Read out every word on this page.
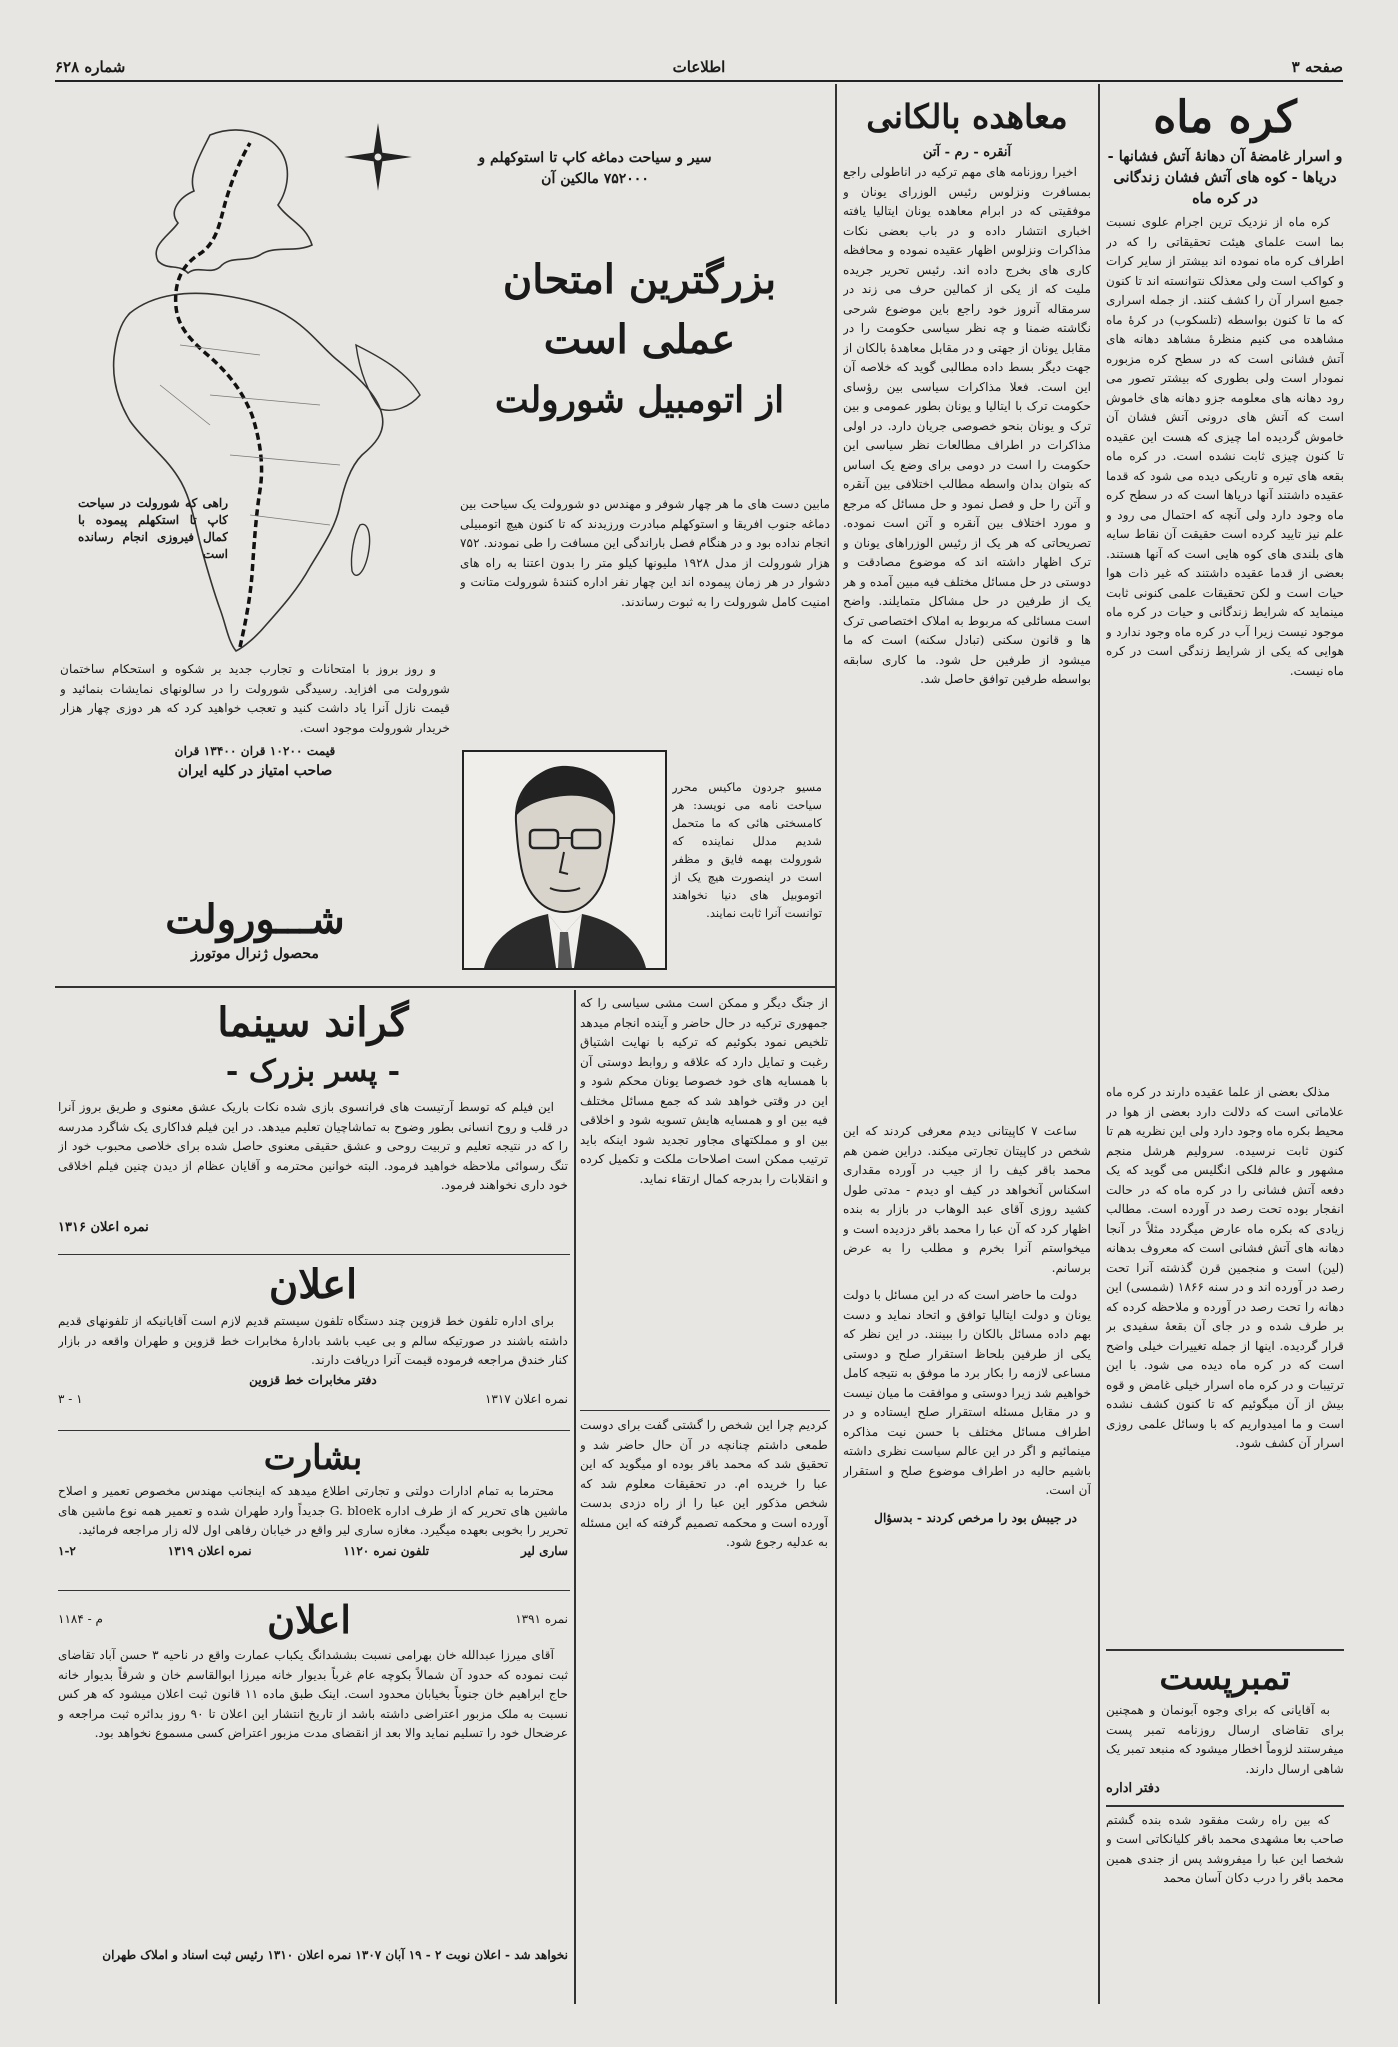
صفحه ۳
اطلاعات
شماره ۶۲۸
کره ماه
و اسرار غامضهٔ آن دهانهٔ آتش فشانها - دریاها - کوه های آتش فشان زندگانی در کره ماه
کره ماه از نزدیک ترین اجرام علوی نسبت بما است علمای هیئت تحقیقاتی را که در اطراف کره ماه نموده اند بیشتر از سایر کرات و کواکب است ولی معذلک نتوانسته اند تا کنون جمیع اسرار آن را کشف کنند. از جمله اسراری که ما تا کنون بواسطه (تلسکوب) در کرهٔ ماه مشاهده می کنیم منظرهٔ مشاهد دهانه های آتش فشانی است که در سطح کره مزبوره نمودار است ولی بطوری که بیشتر تصور می رود دهانه های معلومه جزو دهانه های خاموش است که آتش های درونی آتش فشان آن خاموش گردیده اما چیزی که هست این عقیده تا کنون چیزی ثابت نشده است. در کره ماه بقعه های تیره و تاریکی دیده می شود که قدما عقیده داشتند آنها دریاها است که در سطح کره ماه وجود دارد ولی آنچه که احتمال می رود و علم نیز تایید کرده است حقیقت آن نقاط سایه های بلندی های کوه هایی است که آنها هستند. بعضی از قدما عقیده داشتند که غیر ذات هوا حیات است و لکن تحقیقات علمی کنونی ثابت مینماید که شرایط زندگانی و حیات در کره ماه موجود نیست زیرا آب در کره ماه وجود ندارد و هوایی که یکی از شرایط زندگی است در کره ماه نیست.
مذلک بعضی از علما عقیده دارند در کره ماه علاماتی است که دلالت دارد بعضی از هوا در محیط بکره ماه وجود دارد ولی این نظریه هم تا کنون ثابت نرسیده. سرولیم هرشل منجم مشهور و عالم فلکی انگلیس می گوید که یک دفعه آتش فشانی را در کره ماه که در حالت انفجار بوده تحت رصد در آورده است. مطالب زیادی که بکره ماه عارض میگردد مثلاً در آنجا دهانه های آتش فشانی است که معروف بدهانه (لین) است و منجمین قرن گذشته آنرا تحت رصد در آورده اند و در سنه ۱۸۶۶ (شمسی) این دهانه را تحت رصد در آورده و ملاحظه کرده که بر طرف شده و در جای آن بقعهٔ سفیدی بر قرار گردیده. اینها از جمله تغییرات خیلی واضح است که در کره ماه دیده می شود. با این ترتیبات و در کره ماه اسرار خیلی غامض و قوه بیش از آن میگوئیم که تا کنون کشف نشده است و ما امیدواریم که با وسائل علمی روزی اسرار آن کشف شود.
تمبرپست
به آقایانی که برای وجوه آبونمان و همچنین برای تقاضای ارسال روزنامه تمبر پست میفرستند لزوماً اخطار میشود که منبعد تمبر یک شاهی ارسال دارند.
دفتر اداره
که بین راه رشت مفقود شده بنده گشتم صاحب بعا مشهدی محمد باقر کلیانکاتی است و شخصا این عبا را میفروشد پس از جندی همین محمد باقر را درب دکان آسان محمد
معاهده بالکانی
آنقره - رم - آتن
اخیرا روزنامه های مهم ترکیه در اناطولی راجع بمسافرت ونزلوس رئیس الوزرای یونان و موفقیتی که در ابرام معاهده یونان ایتالیا یافته اخباری انتشار داده و در باب بعضی نکات مذاکرات ونزلوس اظهار عقیده نموده و محافظه کاری های بخرج داده اند. رئیس تحریر جریده ملیت که از یکی از کمالین حرف می زند در سرمقاله آنروز خود راجع باین موضوع شرحی نگاشته ضمنا و چه نظر سیاسی حکومت را در مقابل یونان از جهتی و در مقابل معاهدهٔ بالکان از جهت دیگر بسط داده مطالبی گوید که خلاصه آن این است. فعلا مذاکرات سیاسی بین رؤسای حکومت ترک با ایتالیا و یونان بطور عمومی و بین ترک و یونان بنحو خصوصی جریان دارد. در اولی مذاکرات در اطراف مطالعات نظر سیاسی این حکومت را است در دومی برای وضع یک اساس که بتوان بدان واسطه مطالب اختلافی بین آنقره و آتن را حل و فصل نمود و حل مسائل که مرجع و مورد اختلاف بین آنقره و آتن است نموده. تصریحاتی که هر یک از رئیس الوزراهای یونان و ترک اظهار داشته اند که موضوع مصادقت و دوستی در حل مسائل مختلف فیه مبین آمده و هر یک از طرفین در حل مشاکل متمایلند. واضح است مسائلی که مربوط به املاک اختصاصی ترک ها و قانون سکنی (تبادل سکنه) است که ما میشود از طرفین حل شود. ما کاری سابقه بواسطه طرفین توافق حاصل شد.
ساعت ۷ کاپیتانی دیدم معرفی کردند که این شخص در کاپیتان تجارتی میکند. دراین ضمن هم محمد باقر کیف را از جیب در آورده مقداری اسکناس آنخواهد در کیف او دیدم - مدتی طول کشید روزی آقای عبد الوهاب در بازار به بنده اظهار کرد که آن عبا را محمد باقر دزدیده است و میخواستم آنرا بخرم و مطلب را به عرض برسانم.
دولت ما حاضر است که در این مسائل با دولت یونان و دولت ایتالیا توافق و اتحاد نماید و دست بهم داده مسائل بالکان را ببینند. در این نظر که یکی از طرفین بلحاظ استقرار صلح و دوستی مساعی لازمه را بکار برد ما موفق به نتیجه کامل خواهیم شد زیرا دوستی و موافقت ما میان نیست و در مقابل مسئله استقرار صلح ایستاده و در اطراف مسائل مختلف با حسن نیت مذاکره مینمائیم و اگر در این عالم سیاست نظری داشته باشیم حالیه در اطراف موضوع صلح و استقرار آن است.
در جیبش بود را مرخص کردند - بدسؤال
سیر و سیاحت دماغه کاپ تا استوکهلم و ۷۵۲۰۰۰ مالکین آن
بزرگترین امتحان
عملی است
از اتومبیل شورولت
راهی که شورولت در سیاحت کاپ تا استکهلم پیموده با کمال فیروزی انجام رسانده است
مابین دست های ما هر چهار شوفر و مهندس دو شورولت یک سیاحت بین دماغه جنوب افریقا و استوکهلم مبادرت ورزیدند که تا کنون هیچ اتومبیلی انجام نداده بود و در هنگام فصل باراندگی این مسافت را طی نمودند. ۷۵۲ هزار شورولت از مدل ۱۹۲۸ ملیونها کیلو متر را بدون اعتنا به راه های دشوار در هر زمان پیموده اند این چهار نفر اداره کنندهٔ شورولت متانت و امنیت کامل شورولت را به ثبوت رساندند.
و روز بروز با امتحانات و تجارب جدید بر شکوه و استحکام ساختمان شورولت می افزاید. رسیدگی شورولت را در سالونهای نمایشات بنمائید و قیمت نازل آنرا یاد داشت کنید و تعجب خواهید کرد که هر دوزی چهار هزار خریدار شورولت موجود است.
قیمت ۱۰۲۰۰ قران ۱۳۴۰۰ قران
صاحب امتیاز در کلیه ایران
شـــورولت
محصول ژنرال موتورز
مسیو جردون ماکیس محرر سیاحت نامه می نویسد: هر کامسختی هائی که ما متحمل شدیم مدلل نماینده که شورولت بهمه فایق و مظفر است در اینصورت هیچ یک از اتوموبیل های دنیا نخواهند توانست آنرا ثابت نمایند.
از جنگ دیگر و ممکن است مشی سیاسی را که جمهوری ترکیه در حال حاضر و آینده انجام میدهد تلخیص نمود بکوئیم که ترکیه با نهایت اشتیاق رغبت و تمایل دارد که علاقه و روابط دوستی آن با همسایه های خود خصوصا یونان محکم شود و این در وقتی خواهد شد که جمع مسائل مختلف فیه بین او و همسایه هایش تسویه شود و اخلاقی بین او و مملکتهای مجاور تجدید شود اینکه باید ترتیب ممکن است اصلاحات ملکت و تکمیل کرده و انقلابات را بدرجه کمال ارتقاء نماید.
کردیم چرا این شخص را گشتی گفت برای دوست طمعی داشتم چنانچه در آن حال حاضر شد و تحقیق شد که محمد باقر بوده او میگوید که این عبا را خریده ام. در تحقیقات معلوم شد که شخص مذکور این عبا را از راه دزدی بدست آورده است و محکمه تصمیم گرفته که این مسئله به عدلیه رجوع شود.
گراند سینما
- پسر بزرک -
این فیلم که توسط آرتیست های فرانسوی بازی شده نکات باریک عشق معنوی و طریق بروز آنرا در قلب و روح انسانی بطور وضوح به تماشاچیان تعلیم میدهد. در این فیلم فداکاری یک شاگرد مدرسه را که در نتیجه تعلیم و تربیت روحی و عشق حقیقی معنوی حاصل شده برای خلاصی محبوب خود از تنگ رسوائی ملاحظه خواهید فرمود. البته خوانین محترمه و آقایان عظام از دیدن چنین فیلم اخلاقی خود داری نخواهند فرمود.
نمره اعلان ۱۳۱۶
اعلان
برای اداره تلفون خط قزوین چند دستگاه تلفون سیستم قدیم لازم است آقایانیکه از تلفونهای قدیم داشته باشند در صورتیکه سالم و بی عیب باشد بادارهٔ مخابرات خط قزوین و طهران واقعه در بازار کنار خندق مراجعه فرموده قیمت آنرا دریافت دارند.
دفتر مخابرات خط قزوین
نمره اعلان ۱۳۱۷
۱ - ۳
بشارت
محترما به تمام ادارات دولتی و تجارتی اطلاع میدهد که اینجانب مهندس مخصوص تعمیر و اصلاح ماشین های تحریر که از طرف اداره G. bloek جدیداً وارد طهران شده و تعمیر همه نوع ماشین های تحریر را بخوبی بعهده میگیرد. مغازه ساری لیر واقع در خیابان رفاهی اول لاله زار مراجعه فرمائید.
ساری لیر
تلفون نمره ۱۱۲۰
نمره اعلان ۱۳۱۹
۱-۲
نمره ۱۳۹۱
اعلان
م - ۱۱۸۴
آقای میرزا عبدالله خان بهرامی نسبت بششدانگ یکباب عمارت واقع در ناحیه ۳ حسن آباد تقاضای ثبت نموده که حدود آن شمالاً بکوچه عام غرباً بدیوار خانه میرزا ابوالقاسم خان و شرقاً بدیوار خانه حاج ابراهیم خان جنوباً بخیابان محدود است. اینک طبق ماده ۱۱ قانون ثبت اعلان میشود که هر کس نسبت به ملک مزبور اعتراضی داشته باشد از تاریخ انتشار این اعلان تا ۹۰ روز بدائره ثبت مراجعه و عرضحال خود را تسلیم نماید والا بعد از انقضای مدت مزبور اعتراض کسی مسموع نخواهد بود.
نخواهد شد - اعلان نوبت ۲ - ۱۹ آبان ۱۳۰۷ نمره اعلان ۱۳۱۰ رئیس ثبت اسناد و املاک طهران
